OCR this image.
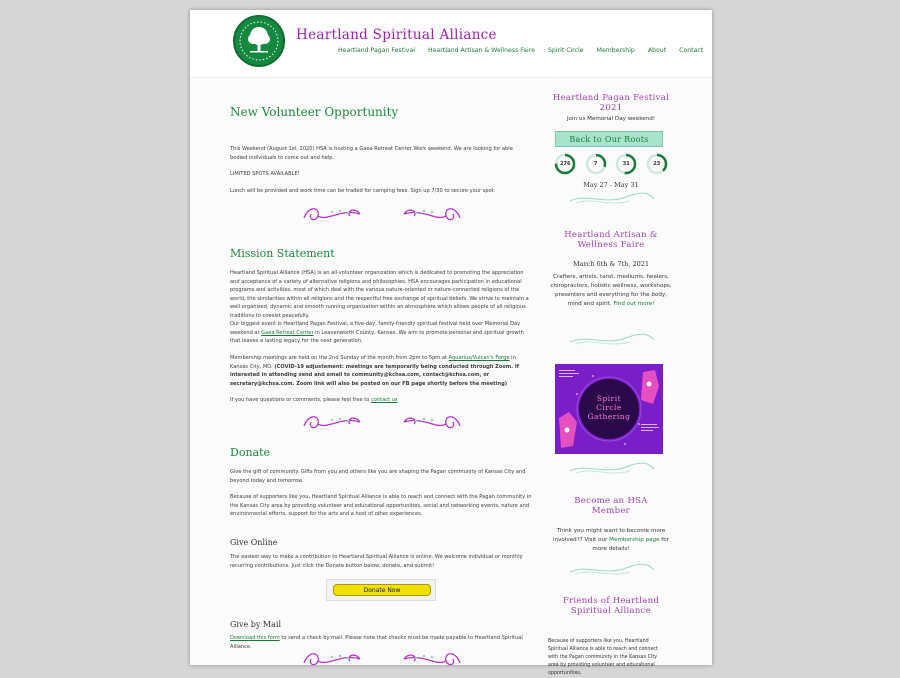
Heartland Spiritual Alliance
Heartland Pagan Festival Heartland Artisan & Wellness Faire Spirit Circle Membership About Contact
New Volunteer Opportunity
This Weekend (August 1st, 2020) HSA is hosting a Gaea Retreat Center Work weekend. We are looking for able bodied individuals to come out and help.
LIMITED SPOTS AVAILABLE!
Lunch will be provided and work time can be traded for camping fees. Sign up 7/30 to secure your spot.
Mission Statement
Heartland Spiritual Alliance (HSA) is an all-volunteer organization which is dedicated to promoting the appreciation and acceptance of a variety of alternative religions and philosophies. HSA encourages participation in educational programs and activities, most of which deal with the various nature-oriented or nature-connected religions of the world, the similarities within all religions and the respectful free exchange of spiritual beliefs. We strive to maintain a well organized, dynamic and smooth running organization within an atmosphere which allows people of all religious traditions to coexist peacefully.
Our biggest event is Heartland Pagan Festival, a five-day, family-friendly spiritual festival held over Memorial Day weekend at Gaea Retreat Center in Leavenworth County, Kansas. We aim to promote personal and spiritual growth that leaves a lasting legacy for the next generation.
Membership meetings are held on the 2nd Sunday of the month from 2pm to 5pm at Aquarius/Vulcan's Forge in Kansas City, MO. (COVID-19 adjustement: meetings are temporarily being conducted through Zoom. If interested in attending send and email to community@kchsa.com, contact@kchsa.com, or secretary@kchsa.com. Zoom link will also be posted on our FB page shortly before the meeting)
If you have questions or comments, please feel free to contact us
Donate
Give the gift of community. Gifts from you and others like you are shaping the Pagan community of Kansas City and beyond today and tomorrow.
Because of supporters like you, Heartland Spiritual Alliance is able to reach and connect with the Pagan community in the Kansas City area by providing volunteer and educational opportunities, social and networking events, nature and environmental efforts, support for the arts and a host of other experiences.
Give Online
The easiest way to make a contribution to Heartland Spiritual Alliance is online. We welcome individual or monthly recurring contributions. Just click the Donate button below, donate, and submit!
Donate Now
Give by Mail
Download this form to send a check by mail. Please note that checks must be made payable to Heartland Spiritual Alliance.
Heartland Pagan Festival 2021
Join us Memorial Day weekend!
Back to Our Roots
276	7	31	23
May 27 - May 31
Heartland Artisan & Wellness Faire
March 6th & 7th, 2021
Crafters, artists, tarot, mediums, healers, chiropractors, holistic wellness, workshops, presenters and everything for the body, mind and spirit. Find out more!
Spirit
Circle
Gathering
Become an HSA Member
Think you might want to become more involved?? Visit our Membership page for more details!
Friends of Heartland Spiritual Alliance
Because of supporters like you, Heartland Spiritual Alliance is able to reach and connect with the Pagan community in the Kansas City area by providing volunteer and educational opportunities,
